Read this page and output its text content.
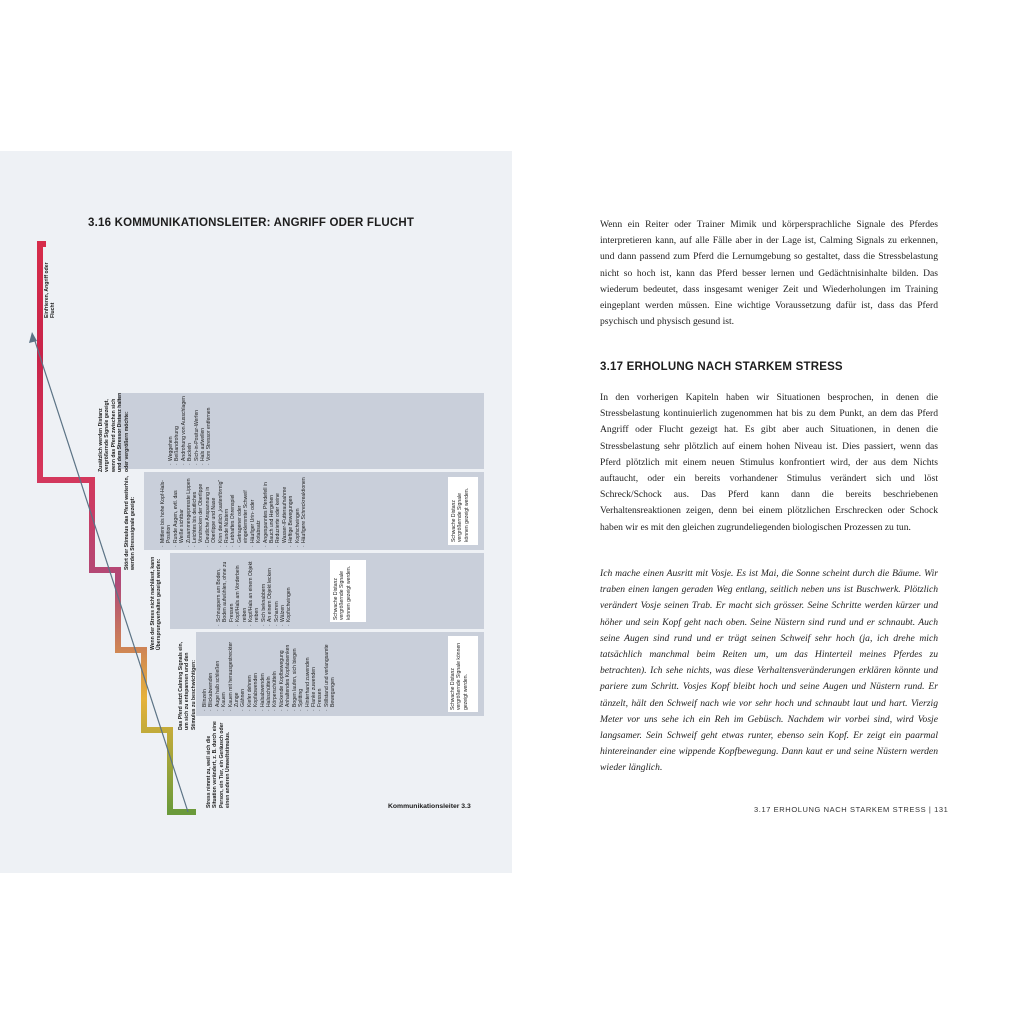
3.16 KOMMUNIKATIONSLEITER: ANGRIFF ODER FLUCHT
Stress nimmt zu, weil sich die Situation verändert, z. B. durch eine Person, ein Tier, ein Geräusch oder einen anderen Umweltstimulus.
Das Pferd setzt Calming Signals ein, um sich zu entspannen und den Stimulus zu beschwichtigen: · Blinzeln · Blickabwenden · Auge halb schließen · Kauen · Kauen mit herausgestreckter Zunge · Gähnen · Kiefer dehnen · Kopfabwenden · Halsabwenden · Halsschütteln · Körperschütteln · Nickende Kopfbewegung · Anhaltendes Kopfabsenken · Bogen laufen, sich biegen · Splitting · Hinterhand zuwenden · Flanke zuwenden · Fressen · Stillstand und verlangsamte Bewegungen	Schwache Distanz vergrößernde Signale können gezeigt werden.
Wenn der Stress nicht nachlässt, kann Übersprungverhalten gezeigt werden:	· Schnuppern am Boden, Boden aufwühlen, ohne zu Fressen · Kopf/Hals am Vorderbein reiben · Kopf/Hals an einem Objekt reiben · Sich beknabbern · An einem Objekt lecken · Scharren · Wälzen · Kopfschwingen	Schwache Distanz vergrößernde Signale können gezeigt werden.
Stört der Stimulus das Pferd weiterhin, werden Stresssignale gezeigt:	· Mittlere bis hohe Kopf-Hals-Position · Runde Augen, evtl. das Weiße sichtbar · Zusammengepresste Lippen · Leichtes bis deutliches Vorstrecken der Oberlippe · Deutliche Anspannung in Oberlippe und Nase · Kinn deutlich „kastenförmig“ · Runde Nüstern · Lebhaftes Ohrenspiel · Getragener oder eingeklemmter Schweif · Häufiger Urin- oder Kotabsatz · Angespanntes Pferdefell in Bauch und Hergehen · Reduzierte oder keine Wasser-/Futteraufnahme · Heftige Bewegungen · Kopfschwingen · Häufigere Schreckreaktionen	Schwache Distanz vergrößernde Signale können gezeigt werden.
Zusätzlich werden Distanz vergrößernde Signale gezeigt, wenn das Pferd zwischen sich und dem Stressor Distanz halten oder vergrößern möchte:	· Weggehen · Beißandrohung · Androhung von Ausschlagen · Buckeln · Sich-in-Positur-Werfen · Hals aufwellen · Vom Stressor entfernen
Einfrieren, Angriff oder Flucht
Kommunikationsleiter 3.3

Wenn ein Reiter oder Trainer Mimik und körpersprachliche Signale des Pferdes interpretieren kann, auf alle Fälle aber in der Lage ist, Calming Signals zu erkennen, und dann passend zum Pferd die Lernumgebung so gestaltet, dass die Stressbelastung nicht so hoch ist, kann das Pferd besser lernen und Gedächtnisinhalte bilden. Das wiederum bedeutet, dass insgesamt weniger Zeit und Wiederholungen im Training eingeplant werden müssen. Eine wichtige Voraussetzung dafür ist, dass das Pferd psychisch und physisch gesund ist.

3.17 ERHOLUNG NACH STARKEM STRESS

In den vorherigen Kapiteln haben wir Situationen besprochen, in denen die Stressbelastung kontinuierlich zugenommen hat bis zu dem Punkt, an dem das Pferd Angriff oder Flucht gezeigt hat. Es gibt aber auch Situationen, in denen die Stressbelastung sehr plötzlich auf einem hohen Niveau ist. Dies passiert, wenn das Pferd plötzlich mit einem neuen Stimulus konfrontiert wird, der aus dem Nichts auftaucht, oder ein bereits vorhandener Stimulus verändert sich und löst Schreck/Schock aus. Das Pferd kann dann die bereits beschriebenen Verhaltensreaktionen zeigen, denn bei einem plötzlichen Erschrecken oder Schock haben wir es mit den gleichen zugrundeliegenden biologischen Prozessen zu tun.

Ich mache einen Ausritt mit Vosje. Es ist Mai, die Sonne scheint durch die Bäume. Wir traben einen langen geraden Weg entlang, seitlich neben uns ist Buschwerk. Plötzlich verändert Vosje seinen Trab. Er macht sich grösser. Seine Schritte werden kürzer und höher und sein Kopf geht nach oben. Seine Nüstern sind rund und er schnaubt. Auch seine Augen sind rund und er trägt seinen Schweif sehr hoch (ja, ich drehe mich tatsächlich manchmal beim Reiten um, um das Hinterteil meines Pferdes zu betrachten). Ich sehe nichts, was diese Verhaltensveränderungen erklären könnte und pariere zum Schritt. Vosjes Kopf bleibt hoch und seine Augen und Nüstern rund. Er tänzelt, hält den Schweif nach wie vor sehr hoch und schnaubt laut und hart. Vierzig Meter vor uns sehe ich ein Reh im Gebüsch. Nachdem wir vorbei sind, wird Vosje langsamer. Sein Schweif geht etwas runter, ebenso sein Kopf. Er zeigt ein paarmal hintereinander eine wippende Kopfbewegung. Dann kaut er und seine Nüstern werden wieder länglich.

3.17 ERHOLUNG NACH STARKEM STRESS | 131
